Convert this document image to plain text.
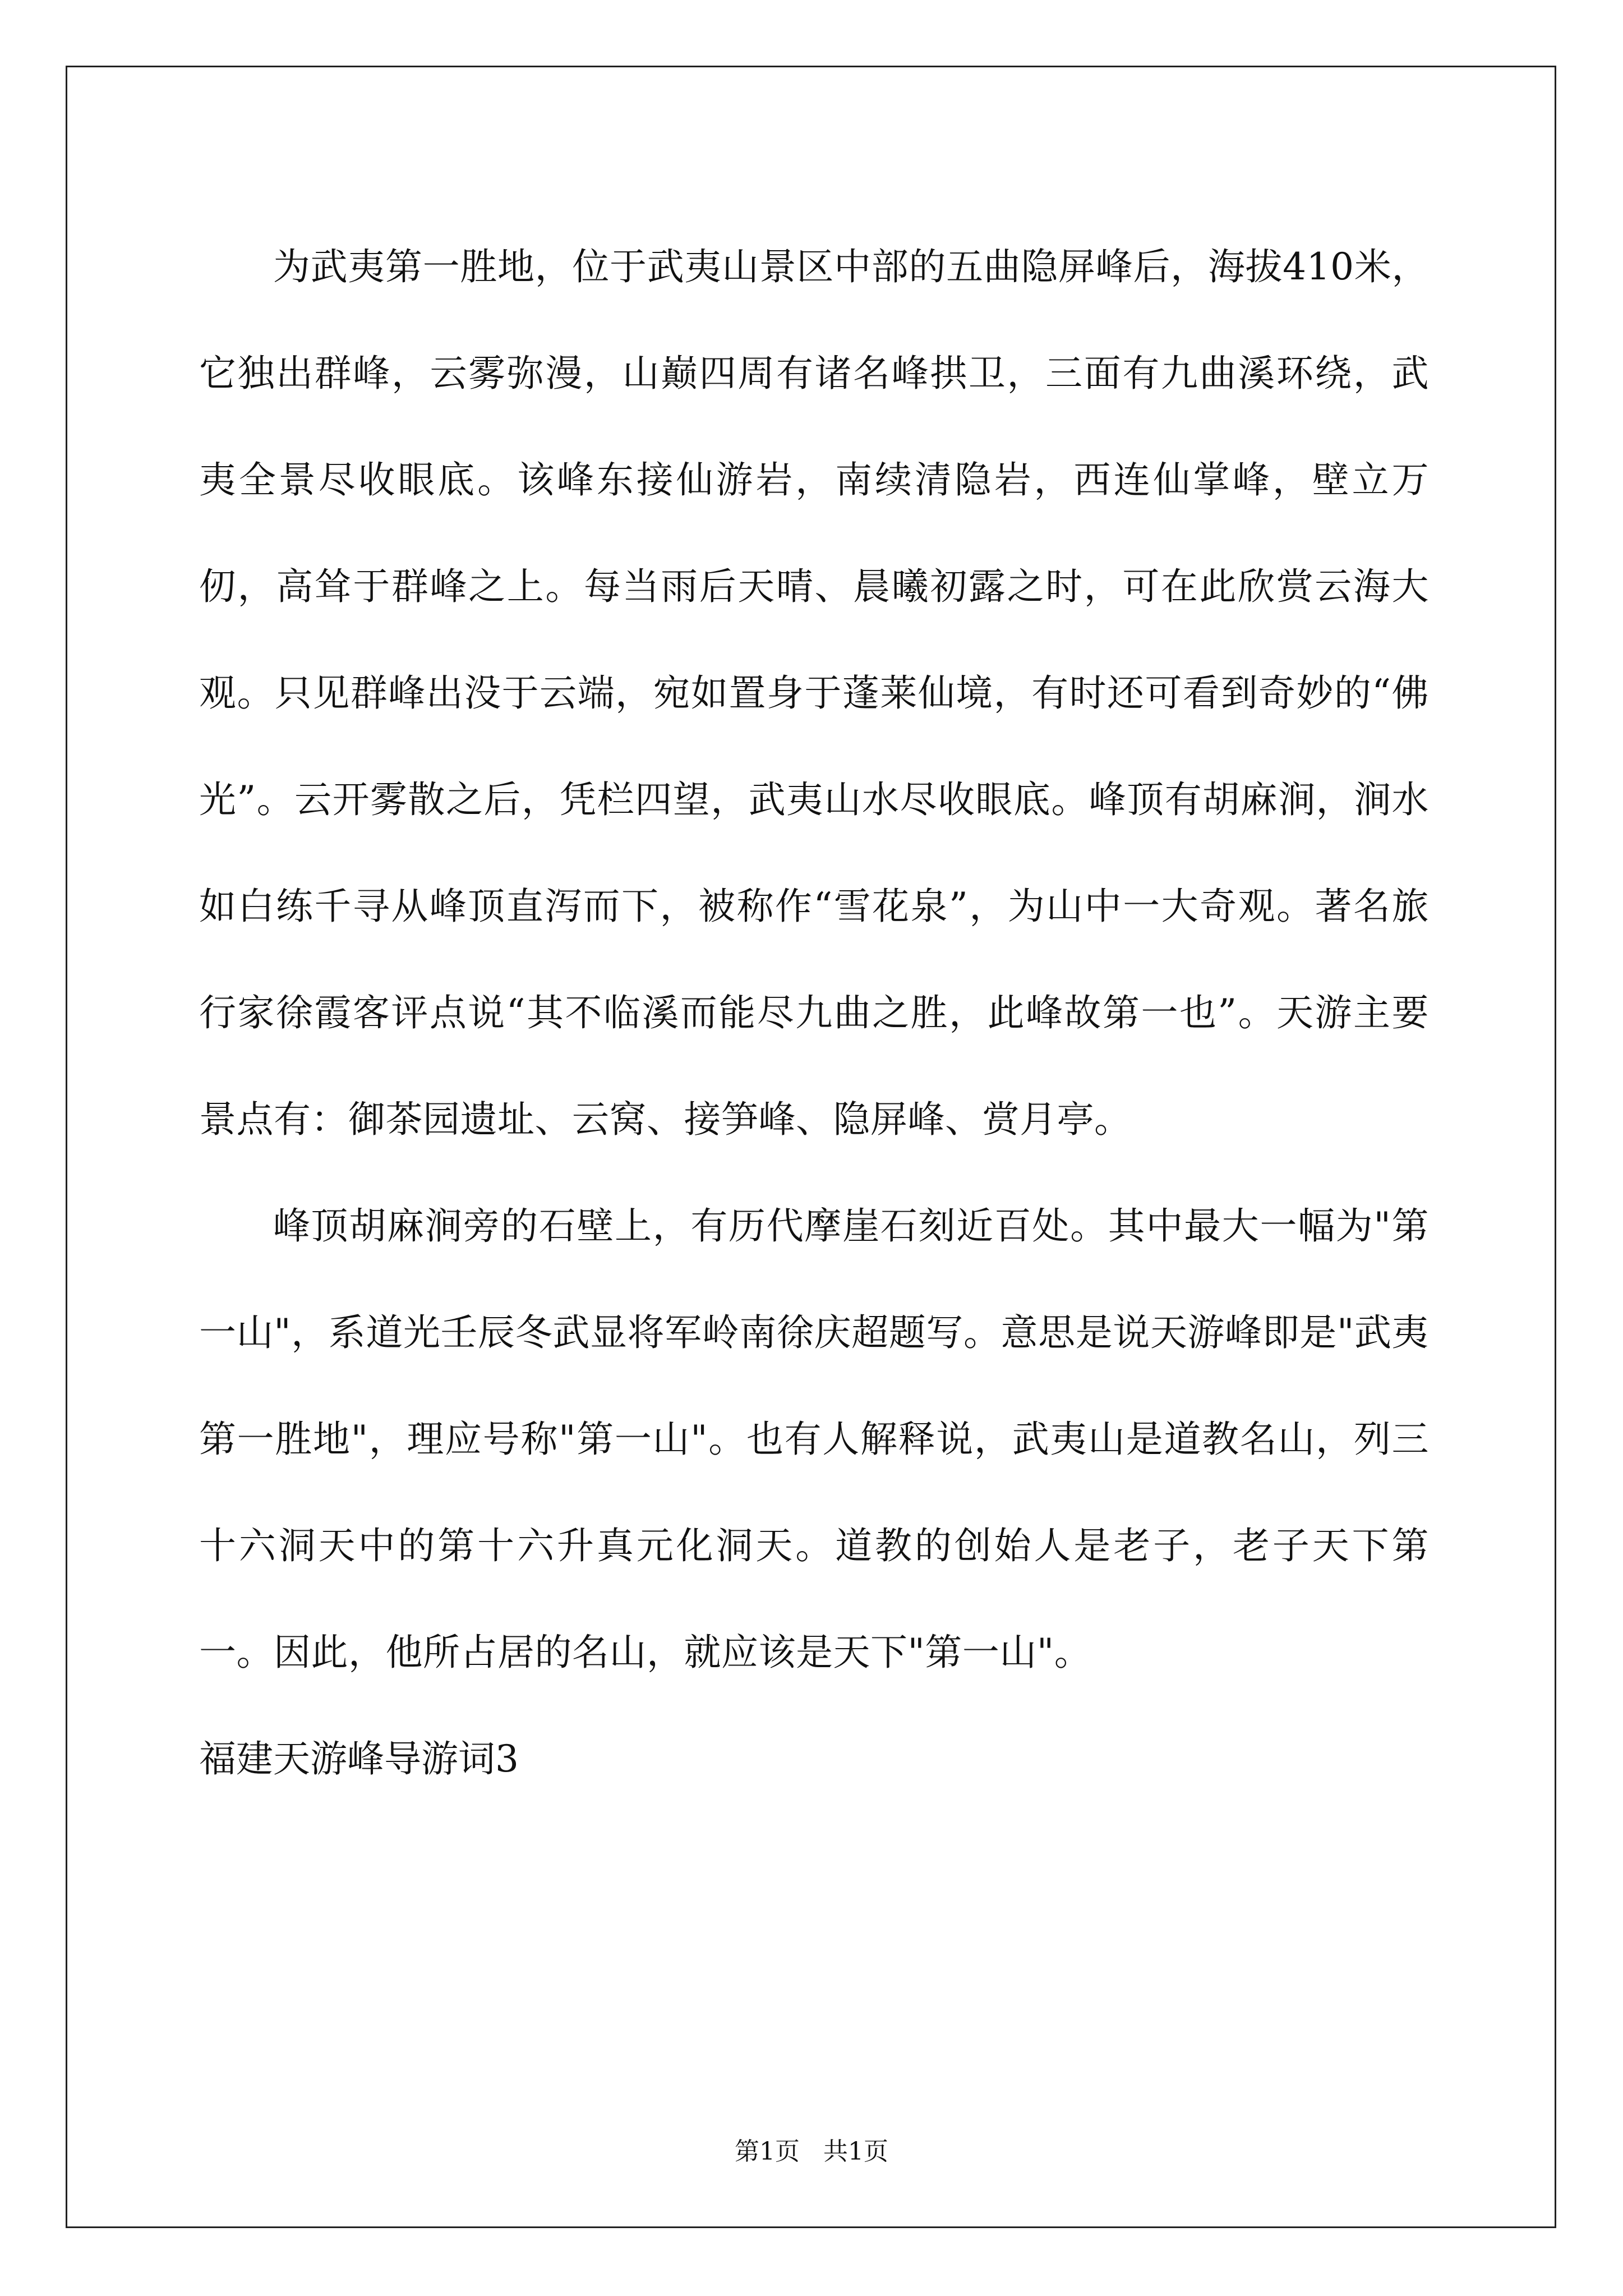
为武夷第一胜地，位于武夷山景区中部的五曲隐屏峰后，海拔410米，它独出群峰，云雾弥漫，山巅四周有诸名峰拱卫，三面有九曲溪环绕，武夷全景尽收眼底。该峰东接仙游岩，南续清隐岩，西连仙掌峰，壁立万仞，高耸于群峰之上。每当雨后天晴、晨曦初露之时，可在此欣赏云海大观。只见群峰出没于云端，宛如置身于蓬莱仙境，有时还可看到奇妙的“佛光”。云开雾散之后，凭栏四望，武夷山水尽收眼底。峰顶有胡麻涧，涧水如白练千寻从峰顶直泻而下，被称作“雪花泉”，为山中一大奇观。著名旅行家徐霞客评点说“其不临溪而能尽九曲之胜，此峰故第一也”。天游主要景点有：御茶园遗址、云窝、接笋峰、隐屏峰、赏月亭。

峰顶胡麻涧旁的石壁上，有历代摩崖石刻近百处。其中最大一幅为"第一山"，系道光壬辰冬武显将军岭南徐庆超题写。意思是说天游峰即是"武夷第一胜地"，理应号称"第一山"。也有人解释说，武夷山是道教名山，列三十六洞天中的第十六升真元化洞天。道教的创始人是老子，老子天下第一。因此，他所占居的名山，就应该是天下"第一山"。

福建天游峰导游词3

第1页 共1页
